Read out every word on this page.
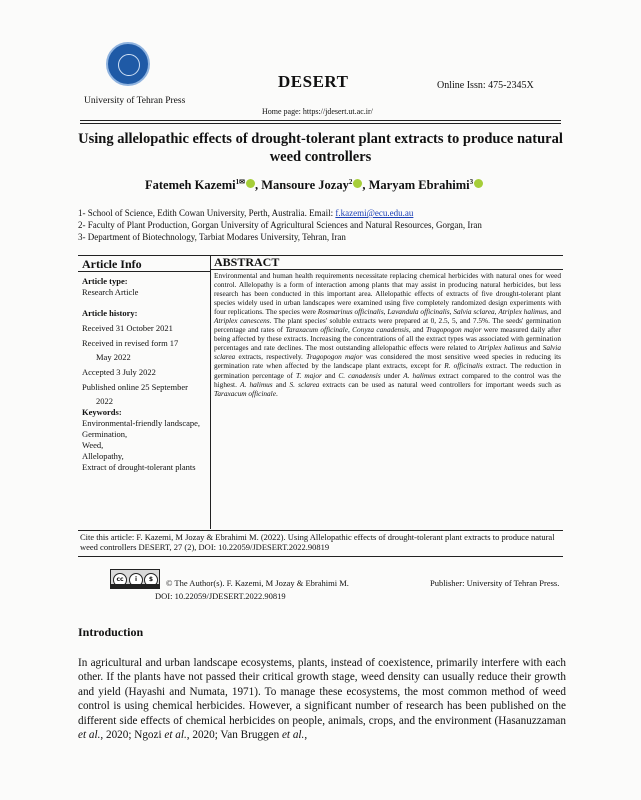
University of Tehran Press
DESERT	Online Issn: 475-2345X
Home page: https://jdesert.ut.ac.ir/
Using allelopathic effects of drought-tolerant plant extracts to produce natural weed controllers
Fatemeh Kazemi$^{1✉}$ , Mansoure Jozay$^2$ , Maryam Ebrahimi$^3$
1- School of Science, Edith Cowan University, Perth, Australia. Email: f.kazemi@ecu.edu.au
2- Faculty of Plant Production, Gorgan University of Agricultural Sciences and Natural Resources, Gorgan, Iran
3- Department of Biotechnology, Tarbiat Modares University, Tehran, Iran
Article Info	ABSTRACT
Article type:
Research Article
Article history:
Received 31 October 2021
Received in revised form 17
May 2022
Accepted 3 July 2022
Published online 25 September
2022
Keywords:
Environmental-friendly landscape,
Germination,
Weed,
Allelopathy,
Extract of drought-tolerant plants
Environmental and human health requirements necessitate replacing chemical herbicides with natural ones for weed control. Allelopathy is a form of interaction among plants that may assist in producing natural herbicides, but less research has been conducted in this important area. Allelopathic effects of extracts of five drought-tolerant plant species widely used in urban landscapes were examined using five completely randomized design experiments with four replications. The species were Rosmarinus officinalis, Lavandula officinalis, Salvia sclarea, Atriplex halimus, and Atriplex canescens. The plant species' soluble extracts were prepared at 0, 2.5, 5, and 7.5%. The seeds' germination percentage and rates of Taraxacum officinale, Conyza canadensis, and Tragopogon major were measured daily after being affected by these extracts. Increasing the concentrations of all the extract types was associated with germination percentages and rate declines. The most outstanding allelopathic effects were related to Atriplex halimus and Salvia sclarea extracts, respectively. Tragopogon major was considered the most sensitive weed species in reducing its germination rate when affected by the landscape plant extracts, except for R. officinalis extract. The reduction in germination percentage of T. major and C. canadensis under A. halimus extract compared to the control was the highest. A. halimus and S. sclarea extracts can be used as natural weed controllers for important weeds such as Taraxacum officinale.
Cite this article: F. Kazemi, M Jozay & Ebrahimi M. (2022). Using Allelopathic effects of drought-tolerant plant extracts to produce natural weed controllers DESERT, 27 (2), DOI: 10.22059/JDESERT.2022.90819
cc	i	$	© The Author(s). F. Kazemi, M Jozay & Ebrahimi M.	Publisher: University of Tehran Press.
DOI: 10.22059/JDESERT.2022.90819
Introduction
In agricultural and urban landscape ecosystems, plants, instead of coexistence, primarily interfere with each other. If the plants have not passed their critical growth stage, weed density can usually reduce their growth and yield (Hayashi and Numata, 1971). To manage these ecosystems, the most common method of weed control is using chemical herbicides. However, a significant number of research has been published on the different side effects of chemical herbicides on people, animals, crops, and the environment (Hasanuzzaman et al., 2020; Ngozi et al., 2020; Van Bruggen et al.,
